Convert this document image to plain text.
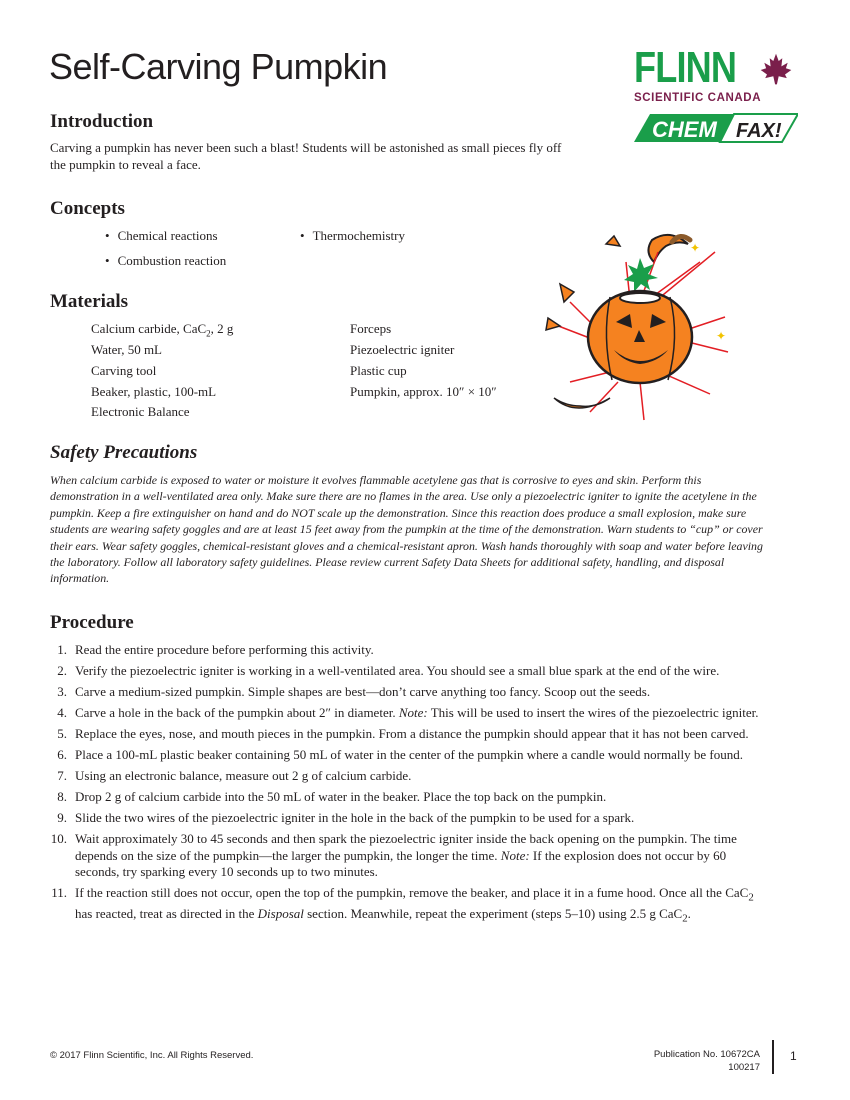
Self-Carving Pumpkin	FLINN
SCIENTIFIC CANADA
CHEM FAX!
Introduction
Carving a pumpkin has never been such a blast! Students will be astonished as small pieces fly off
the pumpkin to reveal a face.
Concepts
• Chemical reactions	• Thermochemistry
• Combustion reaction
Materials
Calcium carbide, CaC$_2$, 2 g
Water, 50 mL
Carving tool
Beaker, plastic, 100-mL
Electronic Balance
Forceps
Piezoelectric igniter
Plastic cup
Pumpkin, approx. 10″ × 10″
✦
✦
Safety Precautions
When calcium carbide is exposed to water or moisture it evolves flammable acetylene gas that is corrosive to eyes and skin. Perform this demonstration in a well-ventilated area only. Make sure there are no flames in the area. Use only a piezoelectric igniter to ignite the acetylene in the pumpkin. Keep a fire extinguisher on hand and do NOT scale up the demonstration. Since this reaction does produce a small explosion, make sure students are wearing safety goggles and are at least 15 feet away from the pumpkin at the time of the demonstration. Warn students to “cup” or cover their ears. Wear safety goggles, chemical-resistant gloves and a chemical-resistant apron. Wash hands thoroughly with soap and water before leaving the laboratory. Follow all laboratory safety guidelines. Please review current Safety Data Sheets for additional safety, handling, and disposal information.
Procedure
1. Read the entire procedure before performing this activity.
2. Verify the piezoelectric igniter is working in a well-ventilated area. You should see a small blue spark at the end of the wire.
3. Carve a medium-sized pumpkin. Simple shapes are best—don’t carve anything too fancy. Scoop out the seeds.
4. Carve a hole in the back of the pumpkin about 2″ in diameter. Note: This will be used to insert the wires of the piezoelectric igniter.
5. Replace the eyes, nose, and mouth pieces in the pumpkin. From a distance the pumpkin should appear that it has not been carved.
6. Place a 100-mL plastic beaker containing 50 mL of water in the center of the pumpkin where a candle would normally be found.
7. Using an electronic balance, measure out 2 g of calcium carbide.
8. Drop 2 g of calcium carbide into the 50 mL of water in the beaker. Place the top back on the pumpkin.
9. Slide the two wires of the piezoelectric igniter in the hole in the back of the pumpkin to be used for a spark.
10. Wait approximately 30 to 45 seconds and then spark the piezoelectric igniter inside the back opening on the pumpkin. The time depends on the size of the pumpkin—the larger the pumpkin, the longer the time. Note: If the explosion does not occur by 60 seconds, try sparking every 10 seconds up to two minutes.
11. If the reaction still does not occur, open the top of the pumpkin, remove the beaker, and place it in a fume hood. Once all the CaC$_2$ has reacted, treat as directed in the Disposal section. Meanwhile, repeat the experiment (steps 5–10) using 2.5 g CaC$_2$.
© 2017 Flinn Scientific, Inc. All Rights Reserved.	Publication No. 10672CA
100217
1
